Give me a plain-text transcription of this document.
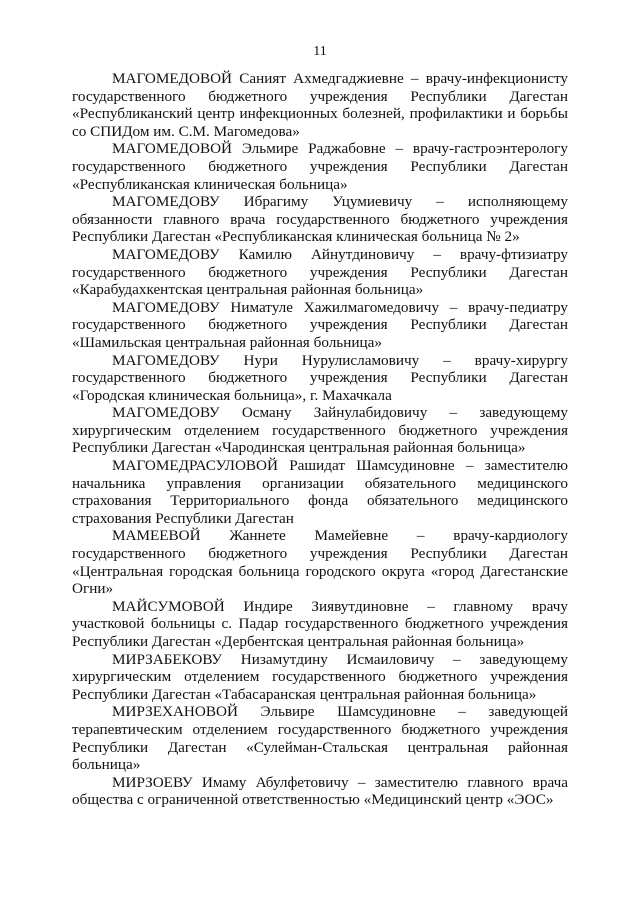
11

МАГОМЕДОВОЙ Саният Ахмедгаджиевне – врачу-инфекционисту государственного бюджетного учреждения Республики Дагестан «Республиканский центр инфекционных болезней, профилактики и борьбы со СПИДом им. С.М. Магомедова»

МАГОМЕДОВОЙ Эльмире Раджабовне – врачу-гастроэнтерологу государственного бюджетного учреждения Республики Дагестан «Республиканская клиническая больница»

МАГОМЕДОВУ Ибрагиму Уцумиевичу – исполняющему обязанности главного врача государственного бюджетного учреждения Республики Дагестан «Республиканская клиническая больница № 2»

МАГОМЕДОВУ Камилю Айнутдиновичу – врачу-фтизиатру государственного бюджетного учреждения Республики Дагестан «Карабудахкентская центральная районная больница»

МАГОМЕДОВУ Ниматуле Хажилмагомедовичу – врачу-педиатру государственного бюджетного учреждения Республики Дагестан «Шамильская центральная районная больница»

МАГОМЕДОВУ Нури Нурулисламовичу – врачу-хирургу государственного бюджетного учреждения Республики Дагестан «Городская клиническая больница», г. Махачкала

МАГОМЕДОВУ Осману Зайнулабидовичу – заведующему хирургическим отделением государственного бюджетного учреждения Республики Дагестан «Чародинская центральная районная больница»

МАГОМЕДРАСУЛОВОЙ Рашидат Шамсудиновне – заместителю начальника управления организации обязательного медицинского страхования Территориального фонда обязательного медицинского страхования Республики Дагестан

МАМЕЕВОЙ Жаннете Мамейевне – врачу-кардиологу государственного бюджетного учреждения Республики Дагестан «Центральная городская больница городского округа «город Дагестанские Огни»

МАЙСУМОВОЙ Индире Зиявутдиновне – главному врачу участковой больницы с. Падар государственного бюджетного учреждения Республики Дагестан «Дербентская центральная районная больница»

МИРЗАБЕКОВУ Низамутдину Исмаиловичу – заведующему хирургическим отделением государственного бюджетного учреждения Республики Дагестан «Табасаранская центральная районная больница»

МИРЗЕХАНОВОЙ Эльвире Шамсудиновне – заведующей терапевтическим отделением государственного бюджетного учреждения Республики Дагестан «Сулейман-Стальская центральная районная больница»

МИРЗОЕВУ Имаму Абулфетовичу – заместителю главного врача общества с ограниченной ответственностью «Медицинский центр «ЭОС»
